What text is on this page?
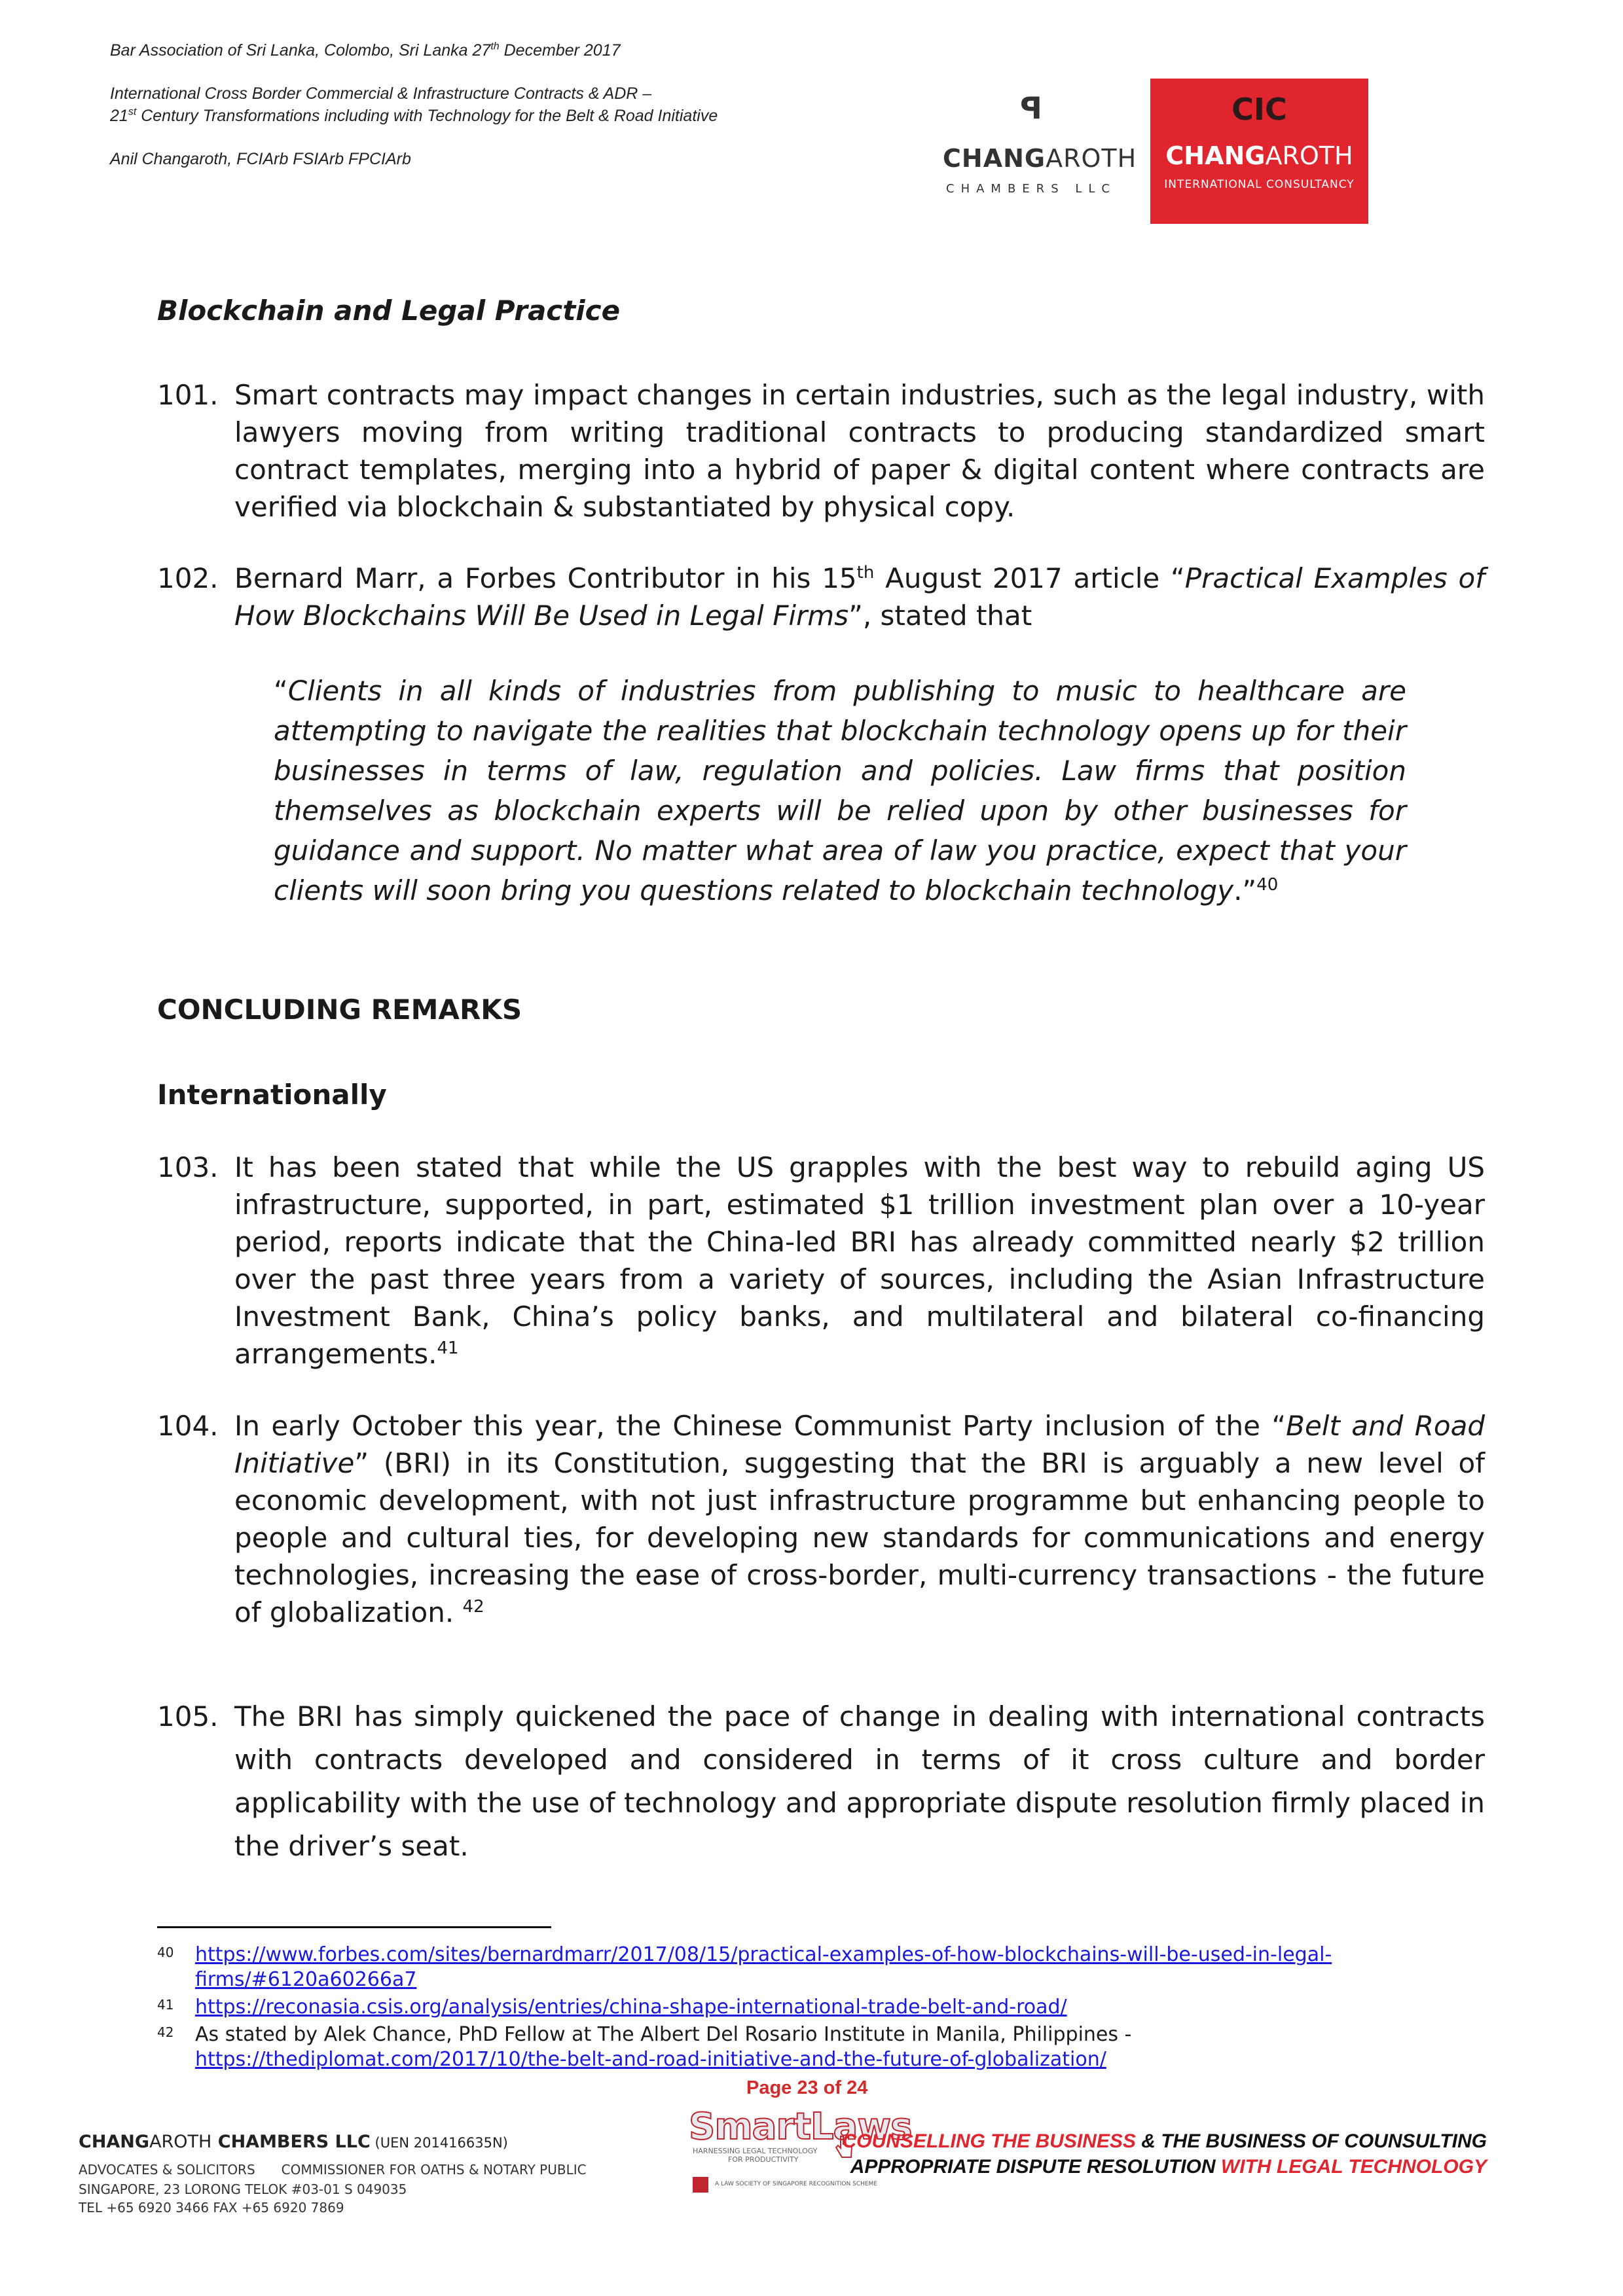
Bar Association of Sri Lanka, Colombo, Sri Lanka 27th December 2017
International Cross Border Commercial & Infrastructure Contracts & ADR –
21st Century Transformations including with Technology for the Belt & Road Initiative
Anil Changaroth, FCIArb FSIArb FPCIArb
ꟼ
CHANGAROTH
CHAMBERS LLC
CIC
CHANGAROTH
INTERNATIONAL CONSULTANCY
Blockchain and Legal Practice
101. Smart contracts may impact changes in certain industries, such as the legal industry, with lawyers moving from writing traditional contracts to producing standardized smart contract templates, merging into a hybrid of paper & digital content where contracts are verified via blockchain & substantiated by physical copy.
102. Bernard Marr, a Forbes Contributor in his 15th August 2017 article “Practical Examples of How Blockchains Will Be Used in Legal Firms”, stated that
“Clients in all kinds of industries from publishing to music to healthcare are attempting to navigate the realities that blockchain technology opens up for their businesses in terms of law, regulation and policies. Law firms that position themselves as blockchain experts will be relied upon by other businesses for guidance and support. No matter what area of law you practice, expect that your clients will soon bring you questions related to blockchain technology.”$^{40}$
CONCLUDING REMARKS
Internationally
103. It has been stated that while the US grapples with the best way to rebuild aging US infrastructure, supported, in part, estimated $1 trillion investment plan over a 10-year period, reports indicate that the China-led BRI has already committed nearly $2 trillion over the past three years from a variety of sources, including the Asian Infrastructure Investment Bank, China’s policy banks, and multilateral and bilateral co-financing arrangements.$^{41}$
104. In early October this year, the Chinese Communist Party inclusion of the “Belt and Road Initiative” (BRI) in its Constitution, suggesting that the BRI is arguably a new level of economic development, with not just infrastructure programme but enhancing people to people and cultural ties, for developing new standards for communications and energy technologies, increasing the ease of cross-border, multi-currency transactions - the future of globalization. $^{42}$
105. The BRI has simply quickened the pace of change in dealing with international contracts with contracts developed and considered in terms of it cross culture and border applicability with the use of technology and appropriate dispute resolution firmly placed in the driver’s seat.
40 https://www.forbes.com/sites/bernardmarr/2017/08/15/practical-examples-of-how-blockchains-will-be-used-in-legal-firms/#6120a60266a7
41 https://reconasia.csis.org/analysis/entries/china-shape-international-trade-belt-and-road/
42 As stated by Alek Chance, PhD Fellow at The Albert Del Rosario Institute in Manila, Philippines - https://thediplomat.com/2017/10/the-belt-and-road-initiative-and-the-future-of-globalization/
Page 23 of 24
CHANGAROTH CHAMBERS LLC (UEN 201416635N)
ADVOCATES & SOLICITORS COMMISSIONER FOR OATHS & NOTARY PUBLIC
SINGAPORE, 23 LORONG TELOK #03-01 S 049035
TEL +65 6920 3466 FAX +65 6920 7869
SmartLaws
HARNESSING LEGAL TECHNOLOGY
FOR PRODUCTIVITY
A LAW SOCIETY OF SINGAPORE RECOGNITION SCHEME
COUNSELLING THE BUSINESS & THE BUSINESS OF COUNSULTING
APPROPRIATE DISPUTE RESOLUTION WITH LEGAL TECHNOLOGY
